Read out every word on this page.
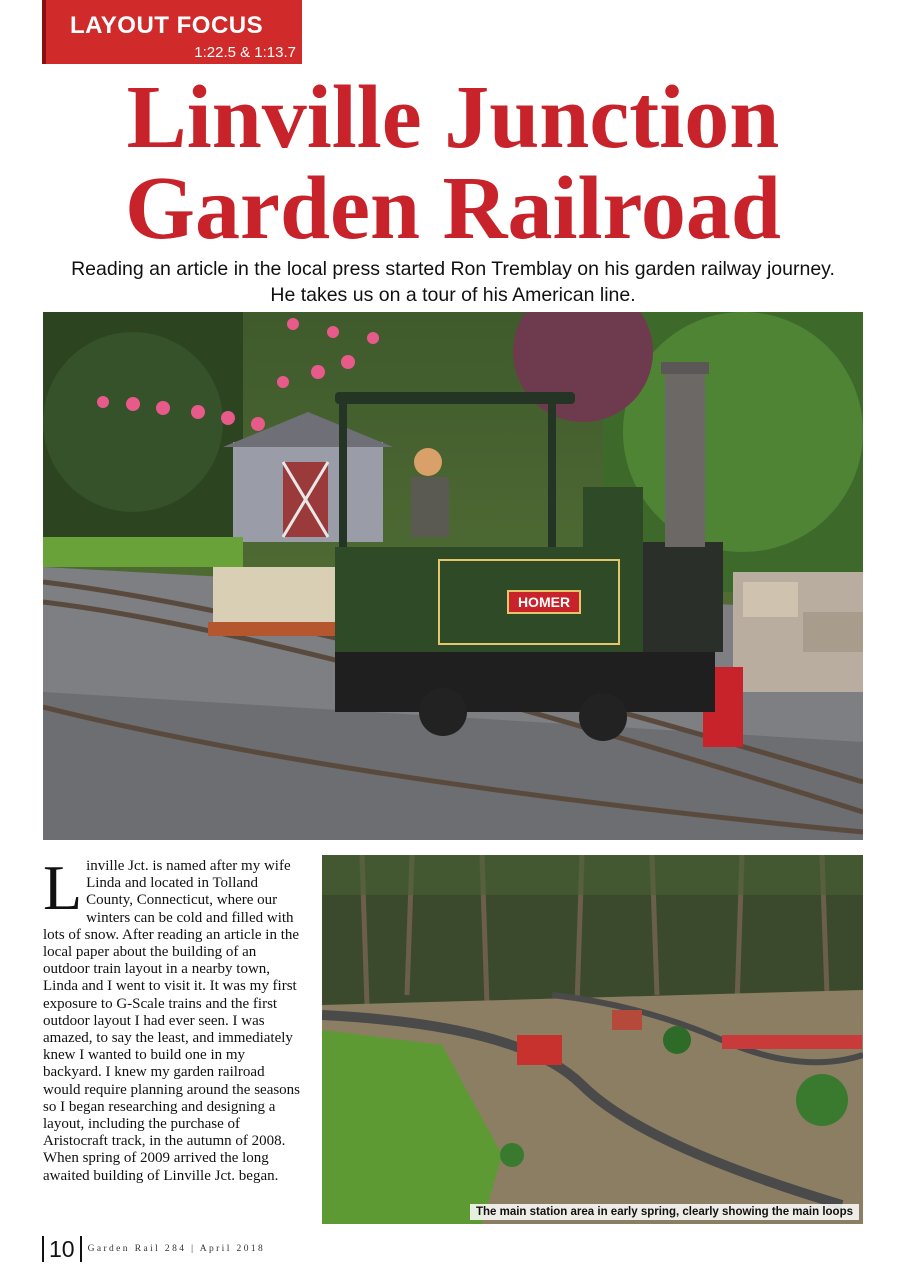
LAYOUT FOCUS
1:22.5 & 1:13.7
Linville Junction
Garden Railroad
Reading an article in the local press started Ron Tremblay on his garden railway journey.
He takes us on a tour of his American line.
HOMER
Linville Jct. is named after my wife Linda and located in Tolland County, Connecticut, where our winters can be cold and filled with lots of snow. After reading an article in the local paper about the building of an outdoor train layout in a nearby town, Linda and I went to visit it. It was my first exposure to G-Scale trains and the first outdoor layout I had ever seen. I was amazed, to say the least, and immediately knew I wanted to build one in my backyard. I knew my garden railroad would require planning around the seasons so I began researching and designing a layout, including the purchase of Aristocraft track, in the autumn of 2008. When spring of 2009 arrived the long awaited building of Linville Jct. began.
The main station area in early spring, clearly showing the main loops
10 Garden Rail 284 | April 2018
